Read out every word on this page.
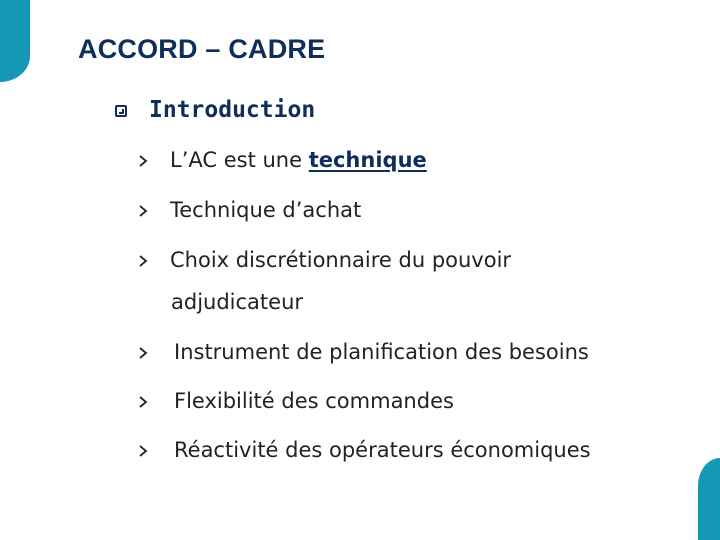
ACCORD – CADRE
Introduction
L’AC est une technique
Technique d’achat
Choix discrétionnaire du pouvoir
adjudicateur
Instrument de planification des besoins
Flexibilité des commandes
Réactivité des opérateurs économiques
